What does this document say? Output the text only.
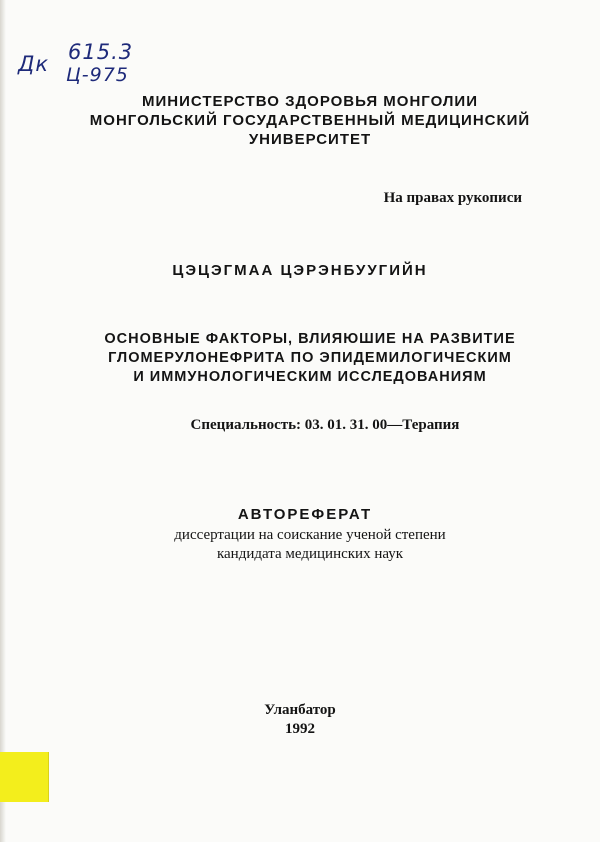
Дк 615.3
Ц-975
МИНИСТЕРСТВО ЗДОРОВЬЯ МОНГОЛИИ
МОНГОЛЬСКИЙ ГОСУДАРСТВЕННЫЙ МЕДИЦИНСКИЙ
УНИВЕРСИТЕТ
На правах рукописи
ЦЭЦЭГМАА ЦЭРЭНБУУГИЙН
ОСНОВНЫЕ ФАКТОРЫ, ВЛИЯЮШИЕ НА РАЗВИТИЕ
ГЛОМЕРУЛОНЕФРИТА ПО ЭПИДЕМИЛОГИЧЕСКИМ
И ИММУНОЛОГИЧЕСКИМ ИССЛЕДОВАНИЯМ
Специальность: 03. 01. 31. 00—Терапия
АВТОРЕФЕРАТ
диссертации на соискание ученой степени
кандидата медицинских наук
Уланбатор
1992
